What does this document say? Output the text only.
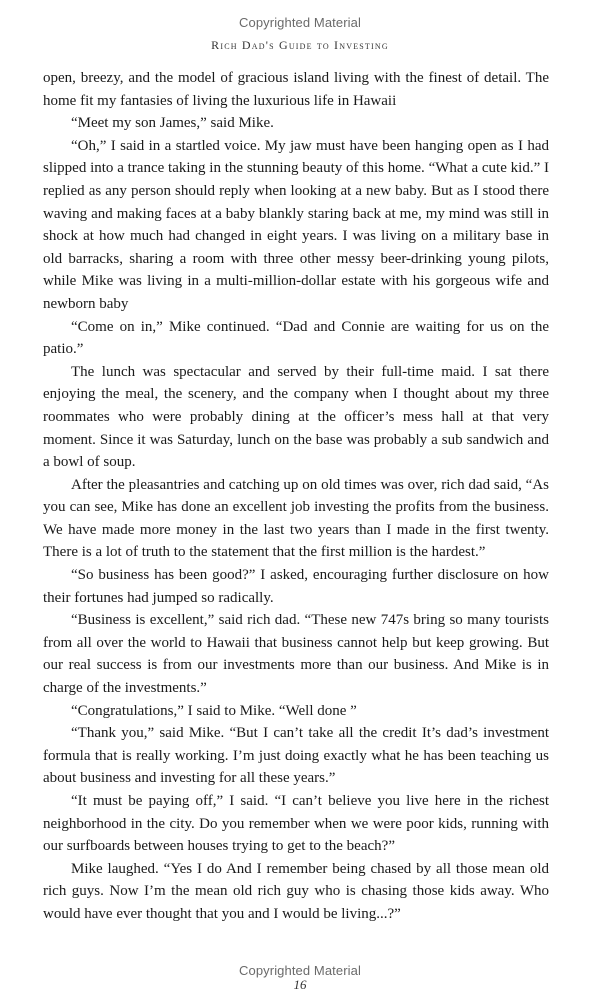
Copyrighted Material
Rich Dad's Guide to Investing

open, breezy, and the model of gracious island living with the finest of detail. The home fit my fantasies of living the luxurious life in Hawaii

“Meet my son James,” said Mike.

“Oh,” I said in a startled voice. My jaw must have been hanging open as I had slipped into a trance taking in the stunning beauty of this home. “What a cute kid.” I replied as any person should reply when looking at a new baby. But as I stood there waving and making faces at a baby blankly staring back at me, my mind was still in shock at how much had changed in eight years. I was living on a military base in old barracks, sharing a room with three other messy beer-drinking young pilots, while Mike was living in a multi-million-dollar estate with his gorgeous wife and newborn baby

“Come on in,” Mike continued. “Dad and Connie are waiting for us on the patio.”

The lunch was spectacular and served by their full-time maid. I sat there enjoying the meal, the scenery, and the company when I thought about my three roommates who were probably dining at the officer’s mess hall at that very moment. Since it was Saturday, lunch on the base was probably a sub sandwich and a bowl of soup.

After the pleasantries and catching up on old times was over, rich dad said, “As you can see, Mike has done an excellent job investing the profits from the business. We have made more money in the last two years than I made in the first twenty. There is a lot of truth to the statement that the first million is the hardest.”

“So business has been good?” I asked, encouraging further disclosure on how their fortunes had jumped so radically.

“Business is excellent,” said rich dad. “These new 747s bring so many tourists from all over the world to Hawaii that business cannot help but keep growing. But our real success is from our investments more than our business. And Mike is in charge of the investments.”

“Congratulations,” I said to Mike. “Well done ”

“Thank you,” said Mike. “But I can’t take all the credit It’s dad’s investment formula that is really working. I’m just doing exactly what he has been teaching us about business and investing for all these years.”

“It must be paying off,” I said. “I can’t believe you live here in the richest neighborhood in the city. Do you remember when we were poor kids, running with our surfboards between houses trying to get to the beach?”

Mike laughed. “Yes I do And I remember being chased by all those mean old rich guys. Now I’m the mean old rich guy who is chasing those kids away. Who would have ever thought that you and I would be living...?”

Copyrighted Material
16
